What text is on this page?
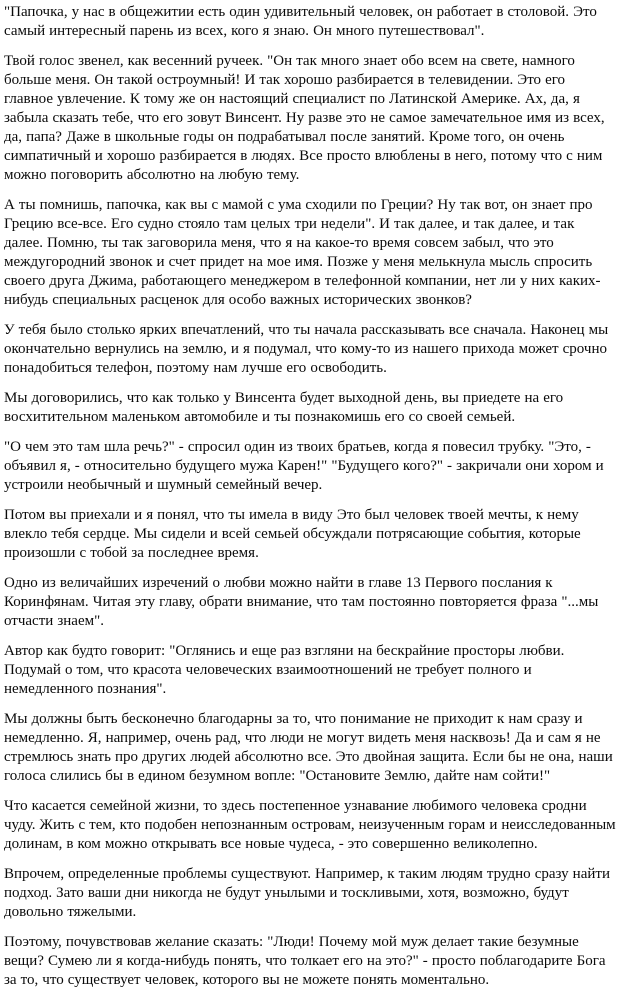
"Папочка, у нас в общежитии есть один удивительный человек, он работает в столовой. Это самый интересный парень из всех, кого я знаю. Он много путешествовал".

Твой голос звенел, как весенний ручеек. "Он так много знает обо всем на свете, намного больше меня. Он такой остроумный! И так хорошо разбирается в телевидении. Это его главное увлечение. К тому же он настоящий специалист по Латинской Америке. Ах, да, я забыла сказать тебе, что его зовут Винсент. Ну разве это не самое замечательное имя из всех, да, папа? Даже в школьные годы он подрабатывал после занятий. Кроме того, он очень симпатичный и хорошо разбирается в людях. Все просто влюблены в него, потому что с ним можно поговорить абсолютно на любую тему.

А ты помнишь, папочка, как вы с мамой с ума сходили по Греции? Ну так вот, он знает про Грецию все-все. Его судно стояло там целых три недели". И так далее, и так далее, и так далее. Помню, ты так заговорила меня, что я на какое-то время совсем забыл, что это междугородний звонок и счет придет на мое имя. Позже у меня мелькнула мысль спросить своего друга Джима, работающего менеджером в телефонной компании, нет ли у них каких-нибудь специальных расценок для особо важных исторических звонков?

У тебя было столько ярких впечатлений, что ты начала рассказывать все сначала. Наконец мы окончательно вернулись на землю, и я подумал, что кому-то из нашего прихода может срочно понадобиться телефон, поэтому нам лучше его освободить.

Мы договорились, что как только у Винсента будет выходной день, вы приедете на его восхитительном маленьком автомобиле и ты познакомишь его со своей семьей.

"О чем это там шла речь?" - спросил один из твоих братьев, когда я повесил трубку. "Это, - объявил я, - относительно будущего мужа Карен!" "Будущего кого?" - закричали они хором и устроили необычный и шумный семейный вечер.

Потом вы приехали и я понял, что ты имела в виду Это был человек твоей мечты, к нему влекло тебя сердце. Мы сидели и всей семьей обсуждали потрясающие события, которые произошли с тобой за последнее время.

Одно из величайших изречений о любви можно найти в главе 13 Первого послания к Коринфянам. Читая эту главу, обрати внимание, что там постоянно повторяется фраза "...мы отчасти знаем".

Автор как будто говорит: "Оглянись и еще раз взгляни на бескрайние просторы любви. Подумай о том, что красота человеческих взаимоотношений не требует полного и немедленного познания".

Мы должны быть бесконечно благодарны за то, что понимание не приходит к нам сразу и немедленно. Я, например, очень рад, что люди не могут видеть меня насквозь! Да и сам я не стремлюсь знать про других людей абсолютно все. Это двойная защита. Если бы не она, наши голоса слились бы в едином безумном вопле: "Остановите Землю, дайте нам сойти!"

Что касается семейной жизни, то здесь постепенное узнавание любимого человека сродни чуду. Жить с тем, кто подобен непознанным островам, неизученным горам и неисследованным долинам, в ком можно открывать все новые чудеса, - это совершенно великолепно.

Впрочем, определенные проблемы существуют. Например, к таким людям трудно сразу найти подход. Зато ваши дни никогда не будут унылыми и тоскливыми, хотя, возможно, будут довольно тяжелыми.

Поэтому, почувствовав желание сказать: "Люди! Почему мой муж делает такие безумные вещи? Сумею ли я когда-нибудь понять, что толкает его на это?" - просто поблагодарите Бога за то, что существует человек, которого вы не можете понять моментально.
